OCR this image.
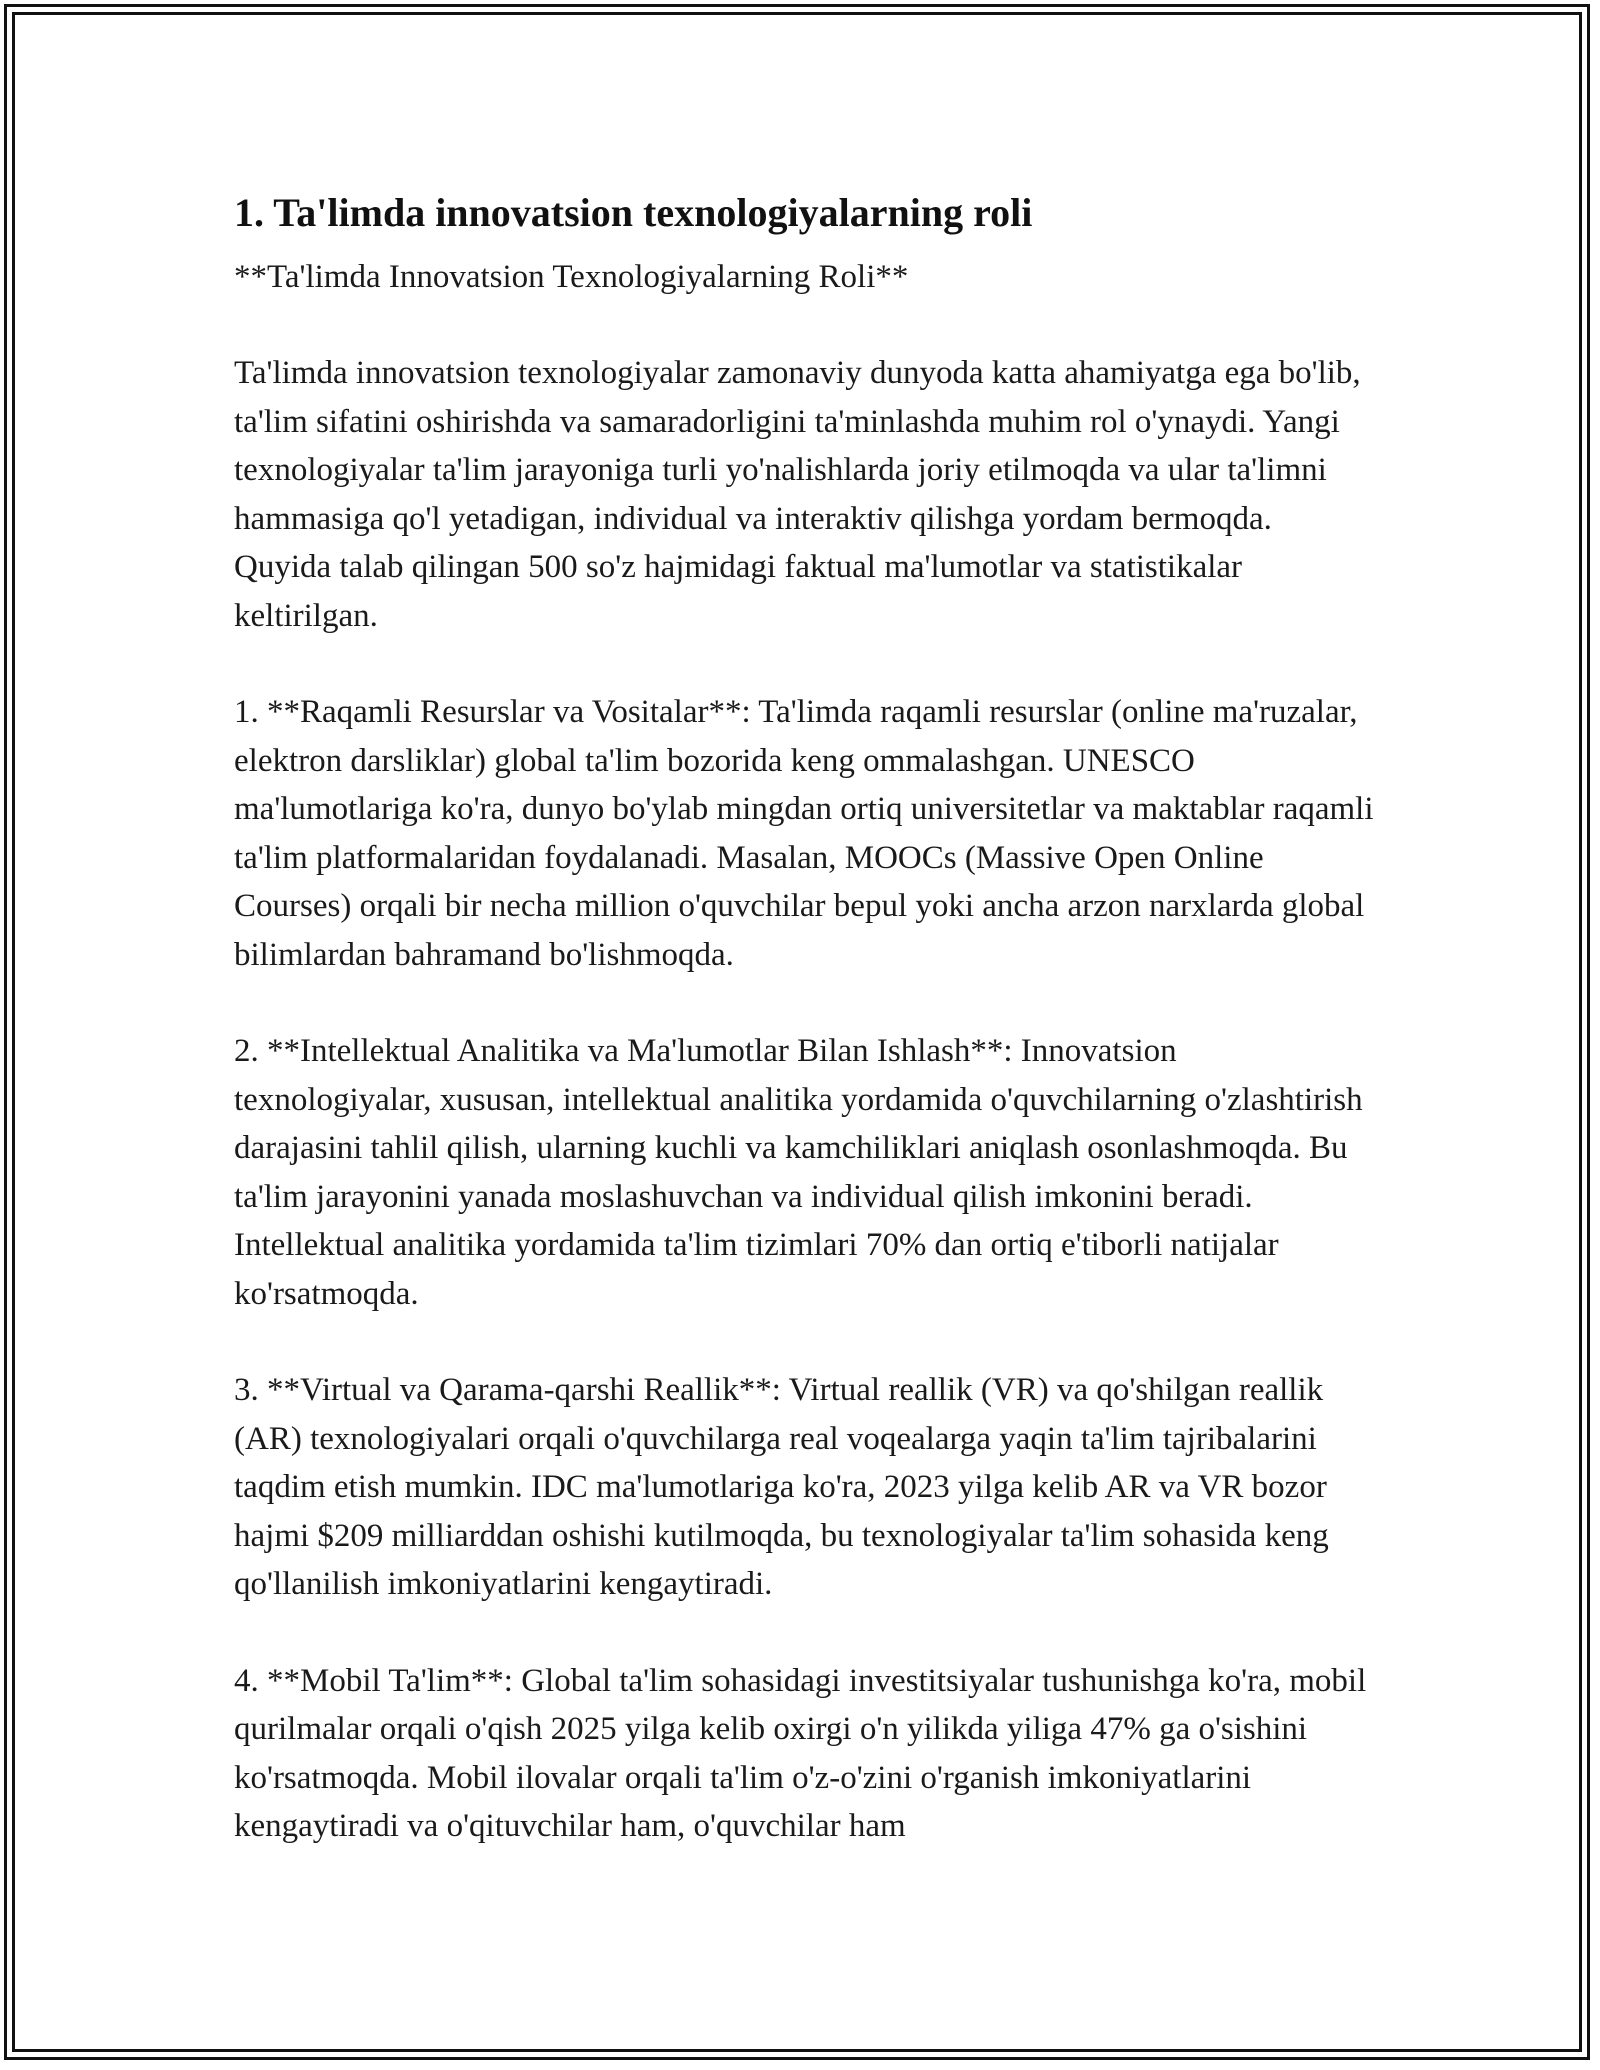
1. Ta'limda innovatsion texnologiyalarning roli

**Ta'limda Innovatsion Texnologiyalarning Roli**

Ta'limda innovatsion texnologiyalar zamonaviy dunyoda katta ahamiyatga ega bo'lib, ta'lim sifatini oshirishda va samaradorligini ta'minlashda muhim rol o'ynaydi. Yangi texnologiyalar ta'lim jarayoniga turli yo'nalishlarda joriy etilmoqda va ular ta'limni hammasiga qo'l yetadigan, individual va interaktiv qilishga yordam bermoqda. Quyida talab qilingan 500 so'z hajmidagi faktual ma'lumotlar va statistikalar keltirilgan.

1. **Raqamli Resurslar va Vositalar**: Ta'limda raqamli resurslar (online ma'ruzalar, elektron darsliklar) global ta'lim bozorida keng ommalashgan. UNESCO ma'lumotlariga ko'ra, dunyo bo'ylab mingdan ortiq universitetlar va maktablar raqamli ta'lim platformalaridan foydalanadi. Masalan, MOOCs (Massive Open Online Courses) orqali bir necha million o'quvchilar bepul yoki ancha arzon narxlarda global bilimlardan bahramand bo'lishmoqda.

2. **Intellektual Analitika va Ma'lumotlar Bilan Ishlash**: Innovatsion texnologiyalar, xususan, intellektual analitika yordamida o'quvchilarning o'zlashtirish darajasini tahlil qilish, ularning kuchli va kamchiliklari aniqlash osonlashmoqda. Bu ta'lim jarayonini yanada moslashuvchan va individual qilish imkonini beradi. Intellektual analitika yordamida ta'lim tizimlari 70% dan ortiq e'tiborli natijalar ko'rsatmoqda.

3. **Virtual va Qarama-qarshi Reallik**: Virtual reallik (VR) va qo'shilgan reallik (AR) texnologiyalari orqali o'quvchilarga real voqealarga yaqin ta'lim tajribalarini taqdim etish mumkin. IDC ma'lumotlariga ko'ra, 2023 yilga kelib AR va VR bozor hajmi $209 milliarddan oshishi kutilmoqda, bu texnologiyalar ta'lim sohasida keng qo'llanilish imkoniyatlarini kengaytiradi.

4. **Mobil Ta'lim**: Global ta'lim sohasidagi investitsiyalar tushunishga ko'ra, mobil qurilmalar orqali o'qish 2025 yilga kelib oxirgi o'n yilikda yiliga 47% ga o'sishini ko'rsatmoqda. Mobil ilovalar orqali ta'lim o'z-o'zini o'rganish imkoniyatlarini kengaytiradi va o'qituvchilar ham, o'quvchilar ham
